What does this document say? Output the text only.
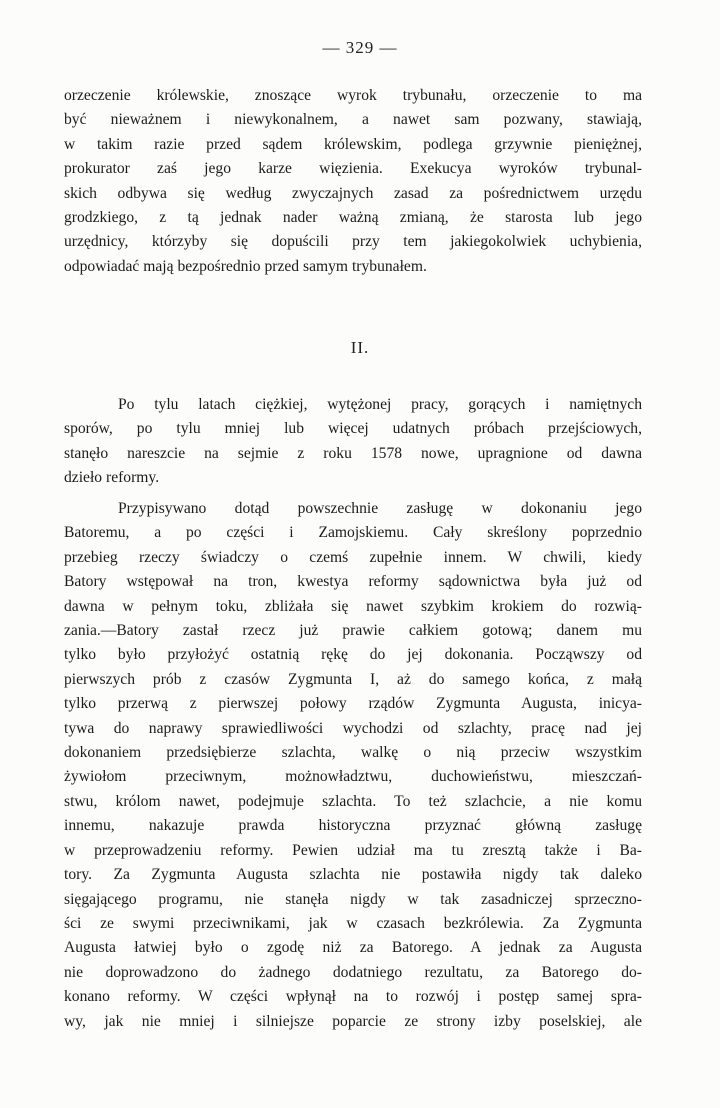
— 329 —
orzeczenie królewskie, znoszące wyrok trybunału, orzeczenie to ma
być nieważnem i niewykonalnem, a nawet sam pozwany, stawiają,
w takim razie przed sądem królewskim, podlega grzywnie pieniężnej,
prokurator zaś jego karze więzienia. Exekucya wyroków trybunal-
skich odbywa się według zwyczajnych zasad za pośrednictwem urzędu
grodzkiego, z tą jednak nader ważną zmianą, że starosta lub jego
urzędnicy, którzyby się dopuścili przy tem jakiegokolwiek uchybienia,
odpowiadać mają bezpośrednio przed samym trybunałem.
II.
Po tylu latach ciężkiej, wytężonej pracy, gorących i namiętnych
sporów, po tylu mniej lub więcej udatnych próbach przejściowych,
stanęło nareszcie na sejmie z roku 1578 nowe, upragnione od dawna
dzieło reformy.
Przypisywano dotąd powszechnie zasługę w dokonaniu jego
Batoremu, a po części i Zamojskiemu. Cały skreślony poprzednio
przebieg rzeczy świadczy o czemś zupełnie innem. W chwili, kiedy
Batory wstępował na tron, kwestya reformy sądownictwa była już od
dawna w pełnym toku, zbliżała się nawet szybkim krokiem do rozwią-
zania.—Batory zastał rzecz już prawie całkiem gotową; danem mu
tylko było przyłożyć ostatnią rękę do jej dokonania. Począwszy od
pierwszych prób z czasów Zygmunta I, aż do samego końca, z małą
tylko przerwą z pierwszej połowy rządów Zygmunta Augusta, inicya-
tywa do naprawy sprawiedliwości wychodzi od szlachty, pracę nad jej
dokonaniem przedsiębierze szlachta, walkę o nią przeciw wszystkim
żywiołom przeciwnym, możnowładztwu, duchowieństwu, mieszczań-
stwu, królom nawet, podejmuje szlachta. To też szlachcie, a nie komu
innemu, nakazuje prawda historyczna przyznać główną zasługę
w przeprowadzeniu reformy. Pewien udział ma tu zresztą także i Ba-
tory. Za Zygmunta Augusta szlachta nie postawiła nigdy tak daleko
sięgającego programu, nie stanęła nigdy w tak zasadniczej sprzeczno-
ści ze swymi przeciwnikami, jak w czasach bezkrólewia. Za Zygmunta
Augusta łatwiej było o zgodę niż za Batorego. A jednak za Augusta
nie doprowadzono do żadnego dodatniego rezultatu, za Batorego do-
konano reformy. W części wpłynął na to rozwój i postęp samej spra-
wy, jak nie mniej i silniejsze poparcie ze strony izby poselskiej, ale
